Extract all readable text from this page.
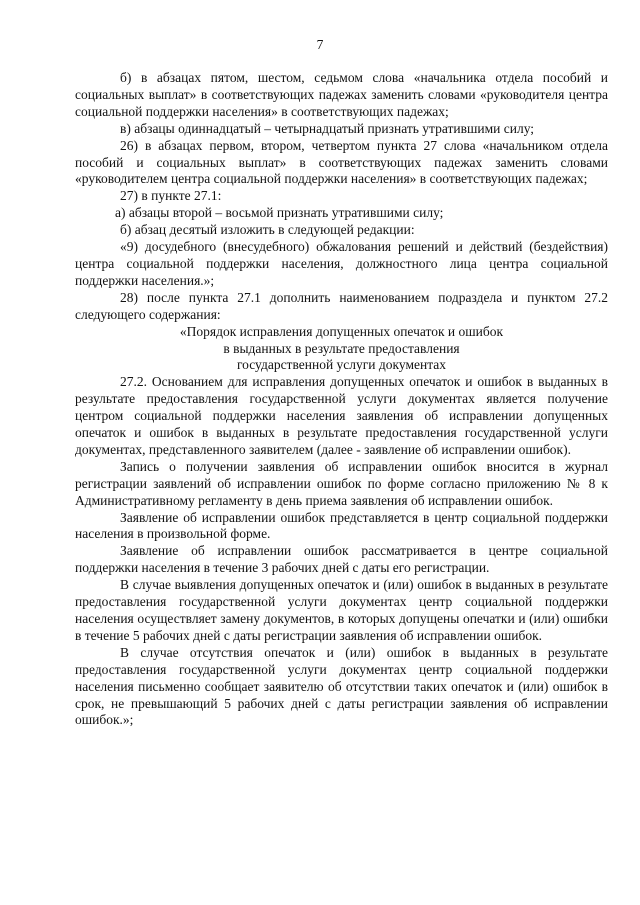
7

б) в абзацах пятом, шестом, седьмом слова «начальника отдела пособий и социальных выплат» в соответствующих падежах заменить словами «руководителя центра социальной поддержки населения» в соответствующих падежах;

в) абзацы одиннадцатый – четырнадцатый признать утратившими силу;

26) в абзацах первом, втором, четвертом пункта 27 слова «начальником отдела пособий и социальных выплат» в соответствующих падежах заменить словами «руководителем центра социальной поддержки населения» в соответствующих падежах;

27) в пункте 27.1:

а) абзацы второй – восьмой признать утратившими силу;

б) абзац десятый изложить в следующей редакции:

«9) досудебного (внесудебного) обжалования решений и действий (бездействия) центра социальной поддержки населения, должностного лица центра социальной поддержки населения.»;

28) после пункта 27.1 дополнить наименованием подраздела и пунктом 27.2 следующего содержания:

«Порядок исправления допущенных опечаток и ошибок
в выданных в результате предоставления
государственной услуги документах

27.2. Основанием для исправления допущенных опечаток и ошибок в выданных в результате предоставления государственной услуги документах является получение центром социальной поддержки населения заявления об исправлении допущенных опечаток и ошибок в выданных в результате предоставления государственной услуги документах, представленного заявителем (далее - заявление об исправлении ошибок).

Запись о получении заявления об исправлении ошибок вносится в журнал регистрации заявлений об исправлении ошибок по форме согласно приложению № 8 к Административному регламенту в день приема заявления об исправлении ошибок.

Заявление об исправлении ошибок представляется в центр социальной поддержки населения в произвольной форме.

Заявление об исправлении ошибок рассматривается в центре социальной поддержки населения в течение 3 рабочих дней с даты его регистрации.

В случае выявления допущенных опечаток и (или) ошибок в выданных в результате предоставления государственной услуги документах центр социальной поддержки населения осуществляет замену документов, в которых допущены опечатки и (или) ошибки в течение 5 рабочих дней с даты регистрации заявления об исправлении ошибок.

В случае отсутствия опечаток и (или) ошибок в выданных в результате предоставления государственной услуги документах центр социальной поддержки населения письменно сообщает заявителю об отсутствии таких опечаток и (или) ошибок в срок, не превышающий 5 рабочих дней с даты регистрации заявления об исправлении ошибок.»;
